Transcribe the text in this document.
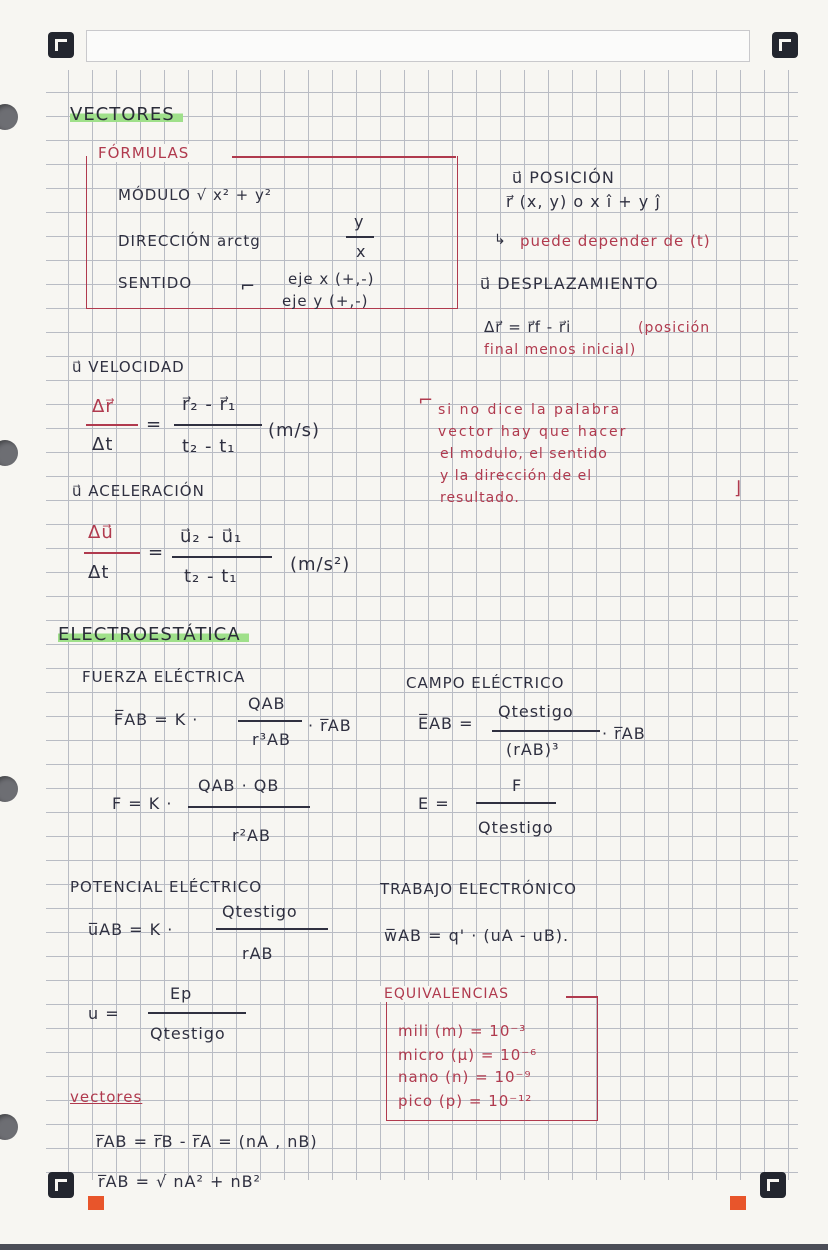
VECTORES
FÓRMULAS
MÓDULO √ x² + y²
DIRECCIÓN arctg
y
x
SENTIDO	eje x (+,-)
eje y (+,-)
⌐
u⃗ POSICIÓN
r⃗ (x, y) o x î + y ĵ
↳ puede depender de (t)
u⃗ DESPLAZAMIENTO
Δr⃗ = r⃗f - r⃗i	(posición
final menos inicial)
u⃗ VELOCIDAD
Δr⃗
Δt
=
r⃗₂ - r⃗₁
t₂ - t₁
(m/s)
⌐ si no dice la palabra
vector hay que hacer
el modulo, el sentido
y la dirección de el
resultado.	⌋
u⃗ ACELERACIÓN
Δu⃗
Δt
=
u⃗₂ - u⃗₁
t₂ - t₁
(m/s²)
ELECTROESTÁTICA
FUERZA ELÉCTRICA
F̅AB = K ·
QAB
r³AB
· r̅AB
F = K ·
QAB · QB
r²AB
CAMPO ELÉCTRICO
E̅AB =
Qtestigo
(rAB)³
· r̅AB
E =
F
Qtestigo
POTENCIAL ELÉCTRICO
u̅AB = K ·
Qtestigo
rAB
u =
Ep
Qtestigo
TRABAJO ELECTRÓNICO
w̅AB = q' · (uA - uB).
EQUIVALENCIAS
mili (m) = 10⁻³
micro (μ) = 10⁻⁶
nano (n) = 10⁻⁹
pico (p) = 10⁻¹²
vectores
r̅AB = r̅B - r̅A = (nA , nB)
r̅AB = √ nA² + nB²
